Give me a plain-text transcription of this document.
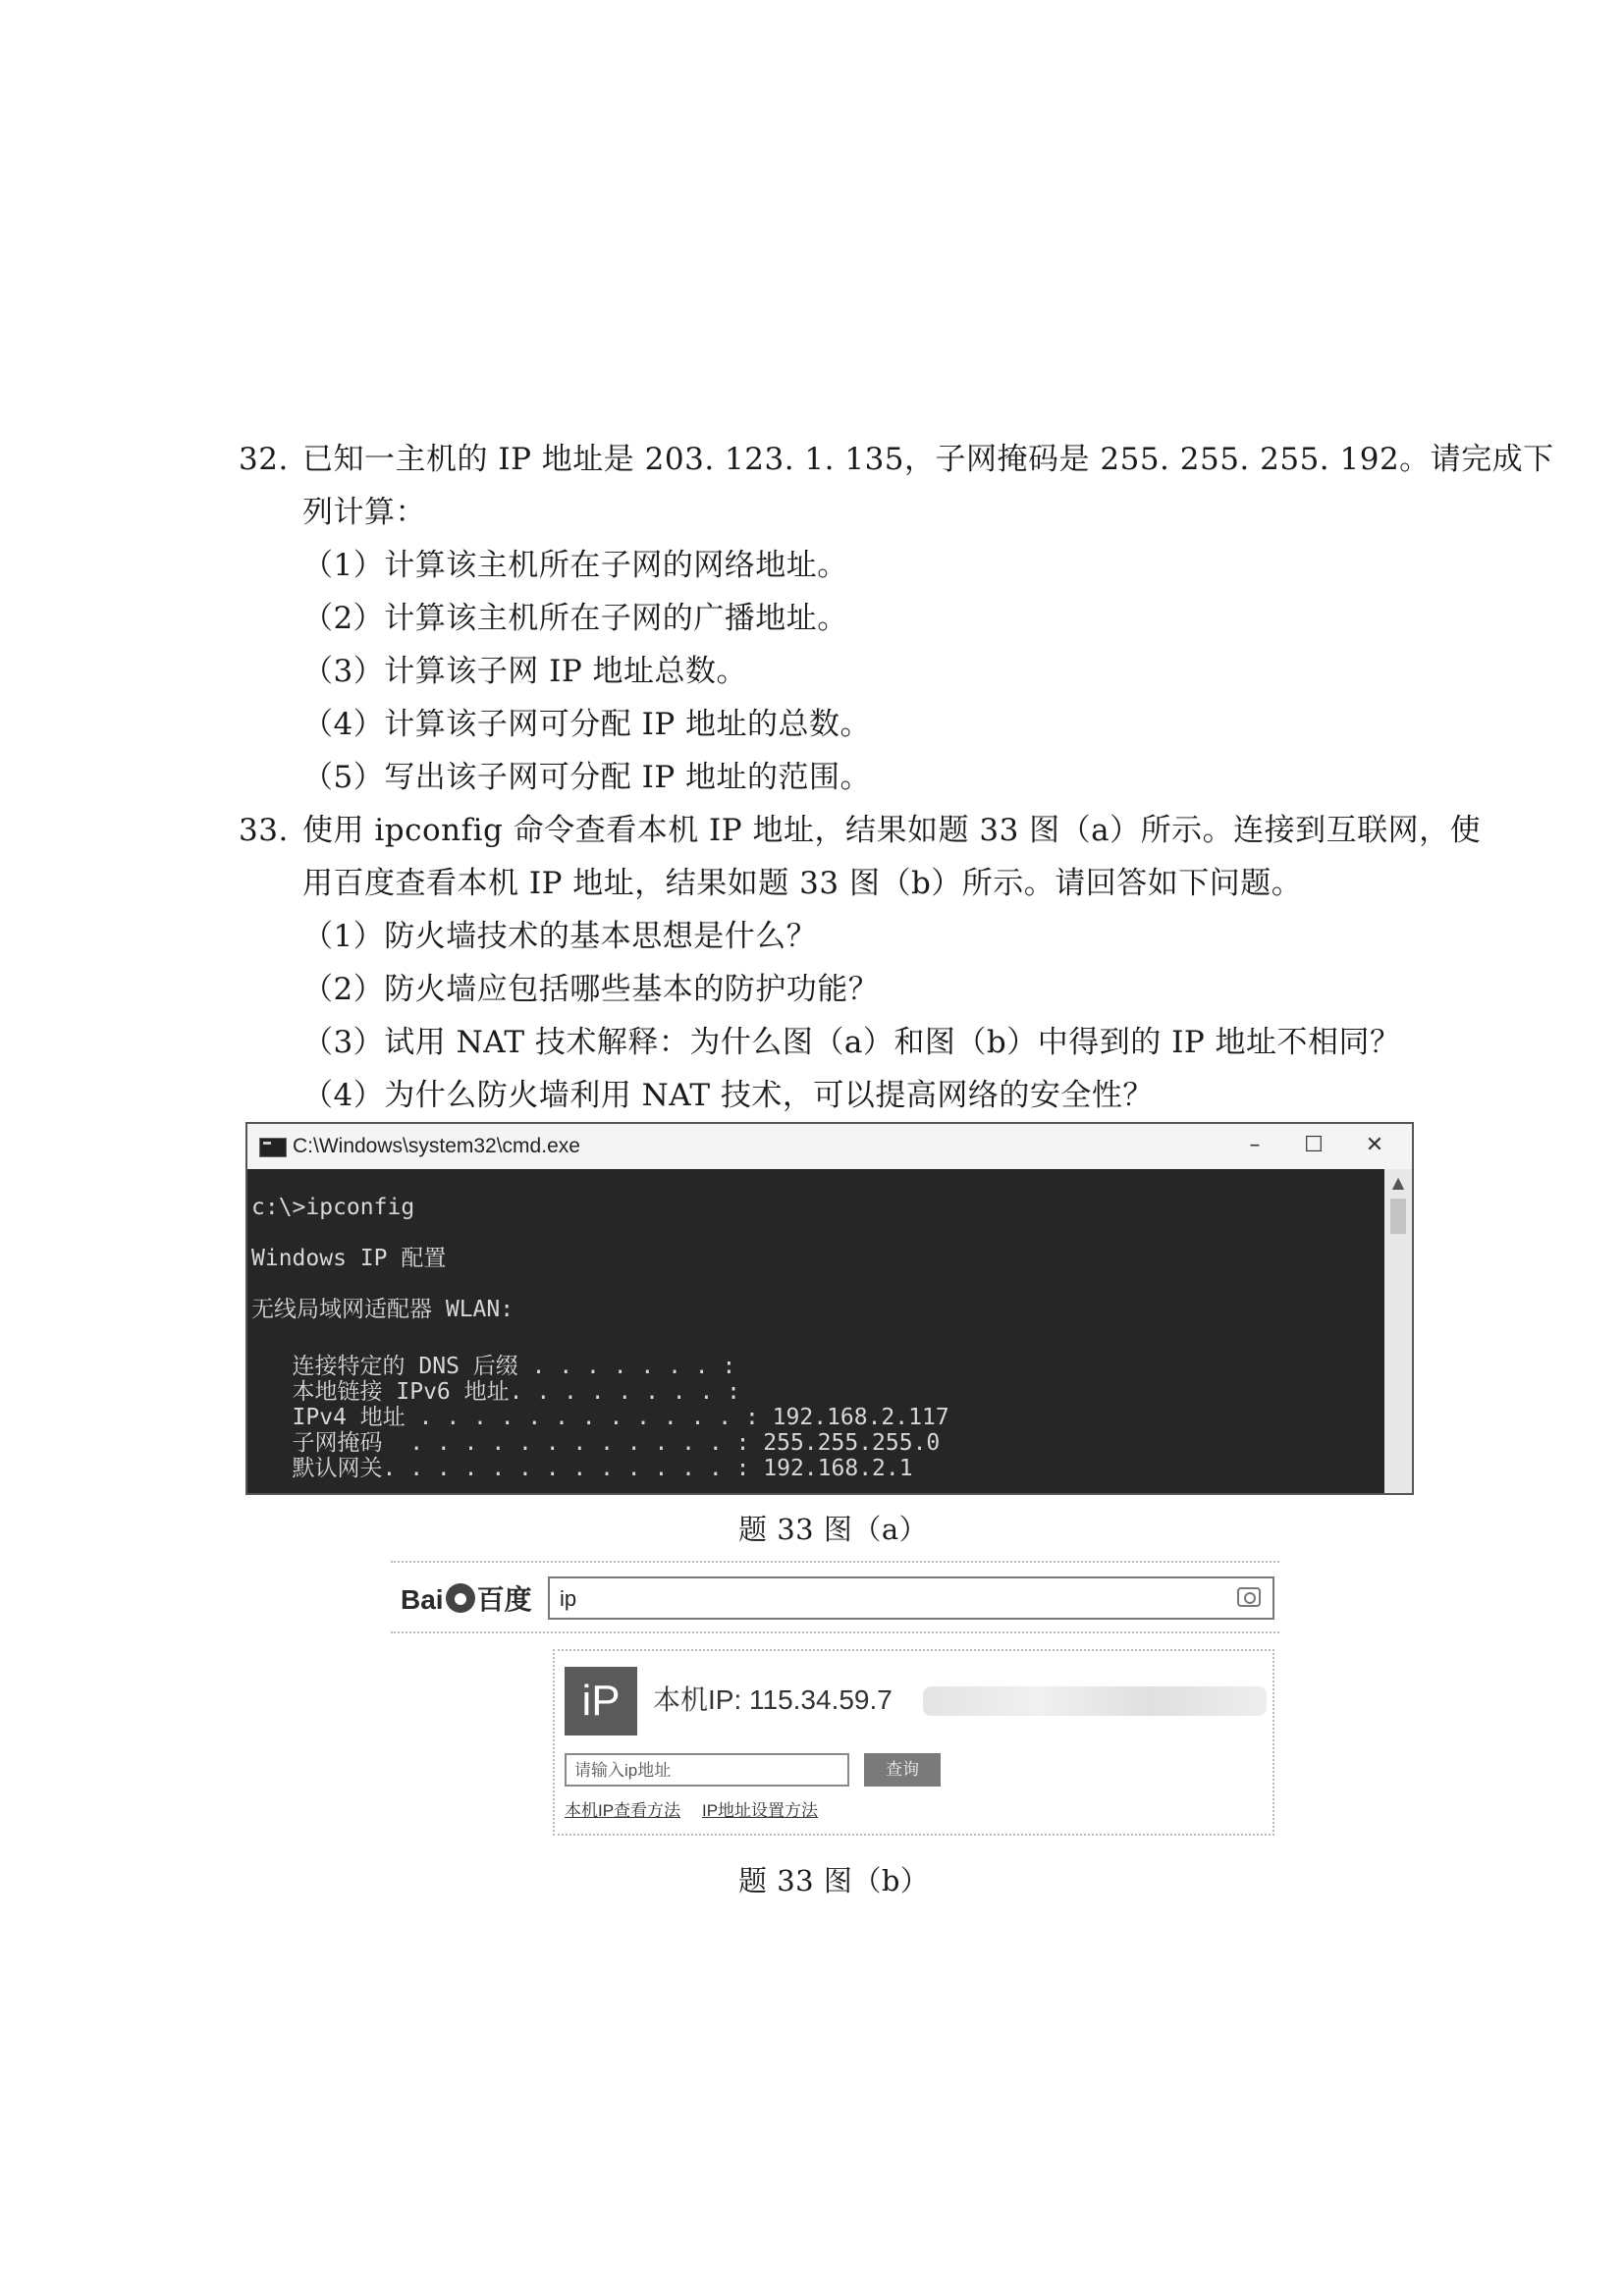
32. 已知一主机的 IP 地址是 203. 123. 1. 135，子网掩码是 255. 255. 255. 192。请完成下
列计算：
（1）计算该主机所在子网的网络地址。
（2）计算该主机所在子网的广播地址。
（3）计算该子网 IP 地址总数。
（4）计算该子网可分配 IP 地址的总数。
（5）写出该子网可分配 IP 地址的范围。
33. 使用 ipconfig 命令查看本机 IP 地址，结果如题 33 图（a）所示。连接到互联网，使
用百度查看本机 IP 地址，结果如题 33 图（b）所示。请回答如下问题。
（1）防火墙技术的基本思想是什么？
（2）防火墙应包括哪些基本的防护功能？
（3）试用 NAT 技术解释：为什么图（a）和图（b）中得到的 IP 地址不相同？
（4）为什么防火墙利用 NAT 技术，可以提高网络的安全性？
C:\Windows\system32\cmd.exe	–	☐	✕
c:\>ipconfig
Windows IP 配置
无线局域网适配器 WLAN:
连接特定的 DNS 后缀 . . . . . . . :
本地链接 IPv6 地址. . . . . . . . :
IPv4 地址 . . . . . . . . . . . . : 192.168.2.117
子网掩码  . . . . . . . . . . . . : 255.255.255.0
默认网关. . . . . . . . . . . . . : 192.168.2.1
▲
题 33 图（a）
Bai 百度 ip
iP	本机IP: 115.34.59.7
请输入ip地址	查询
本机IP查看方法 IP地址设置方法
题 33 图（b）
